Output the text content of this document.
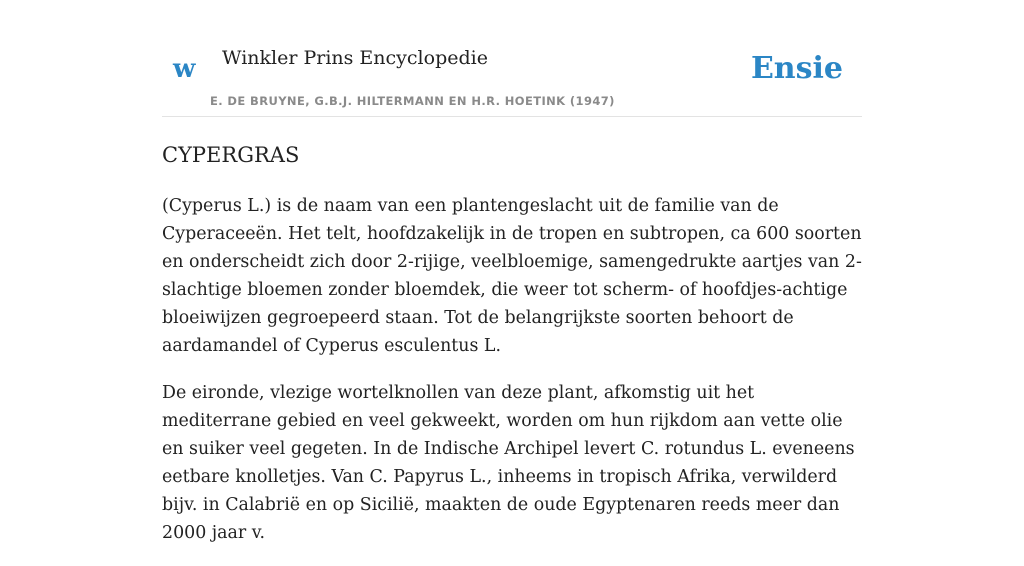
w Winkler Prins Encyclopedie
E. DE BRUYNE, G.B.J. HILTERMANN EN H.R. HOETINK (1947)
Ensie
CYPERGRAS

(Cyperus L.) is de naam van een plantengeslacht uit de familie van de Cyperaceeën. Het telt, hoofdzakelijk in de tropen en subtropen, ca 600 soorten en onderscheidt zich door 2-rijige, veelbloemige, samengedrukte aartjes van 2-slachtige bloemen zonder bloemdek, die weer tot scherm- of hoofdjes-achtige bloeiwijzen gegroepeerd staan. Tot de belangrijkste soorten behoort de aardamandel of Cyperus esculentus L.

De eironde, vlezige wortelknollen van deze plant, afkomstig uit het mediterrane gebied en veel gekweekt, worden om hun rijkdom aan vette olie en suiker veel gegeten. In de Indische Archipel levert C. rotundus L. eveneens eetbare knolletjes. Van C. Papyrus L., inheems in tropisch Afrika, verwilderd bijv. in Calabrië en op Sicilië, maakten de oude Egyptenaren reeds meer dan 2000 jaar v.
